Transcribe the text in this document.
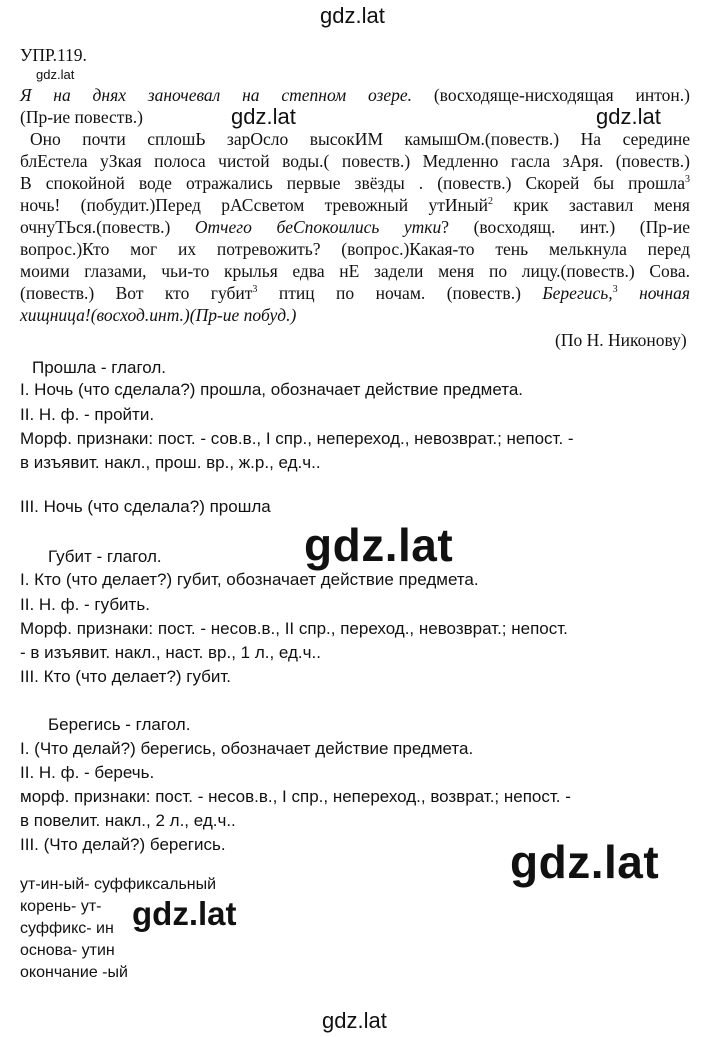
gdz.lat
gdz.lat
gdz.lat	gdz.lat
УПР.119.
Я на днях заночевал на степном озере. (восходяще-нисходящая интон.)
(Пр-ие повеств.)
Оно почти сплошЬ зарОсло высокИМ камышОм.(повеств.) На середине
блЕстела уЗкая полоса чистой воды.( повеств.) Медленно гасла зАря. (повеств.)
В спокойной воде отражались первые звёзды . (повеств.) Скорей бы прошла$^3$
ночь! (побудит.)Перед рАСсветом тревожный утИный$^2$ крик заставил меня
очнуТЬся.(повеств.) Отчего беСпокоились утки? (восходящ. инт.) (Пр-ие
вопрос.)Кто мог их потревожить? (вопрос.)Какая-то тень мелькнула перед
моими глазами, чьи-то крылья едва нЕ задели меня по лицу.(повеств.) Сова.
(повеств.) Вот кто губит$^3$ птиц по ночам. (повеств.) Берегись,$^3$ ночная
хищница!(восход.инт.)(Пр-ие побуд.)
(По Н. Никонову)
Прошла - глагол.
I. Ночь (что сделала?) прошла, обозначает действие предмета.
II. Н. ф. - пройти.
Морф. признаки: пост. - сов.в., I спр., непереход., невозврат.; непост. -
в изъявит. накл., прош. вр., ж.р., ед.ч..
III. Ночь (что сделала?) прошла
Губит - глагол.
I. Кто (что делает?) губит, обозначает действие предмета.
II. Н. ф. - губить.
Морф. признаки: пост. - несов.в., II спр., переход., невозврат.; непост.
- в изъявит. накл., наст. вр., 1 л., ед.ч..
III. Кто (что делает?) губит.
Берегись - глагол.
I. (Что делай?) берегись, обозначает действие предмета.
II. Н. ф. - беречь.
морф. признаки: пост. - несов.в., I спр., непереход., возврат.; непост. -
в повелит. накл., 2 л., ед.ч..
III. (Что делай?) берегись.
ут-ин-ый- суффиксальный
корень- ут-
суффикс- ин
основа- утин
окончание -ый
gdz.lat
gdz.lat
gdz.lat
gdz.lat
